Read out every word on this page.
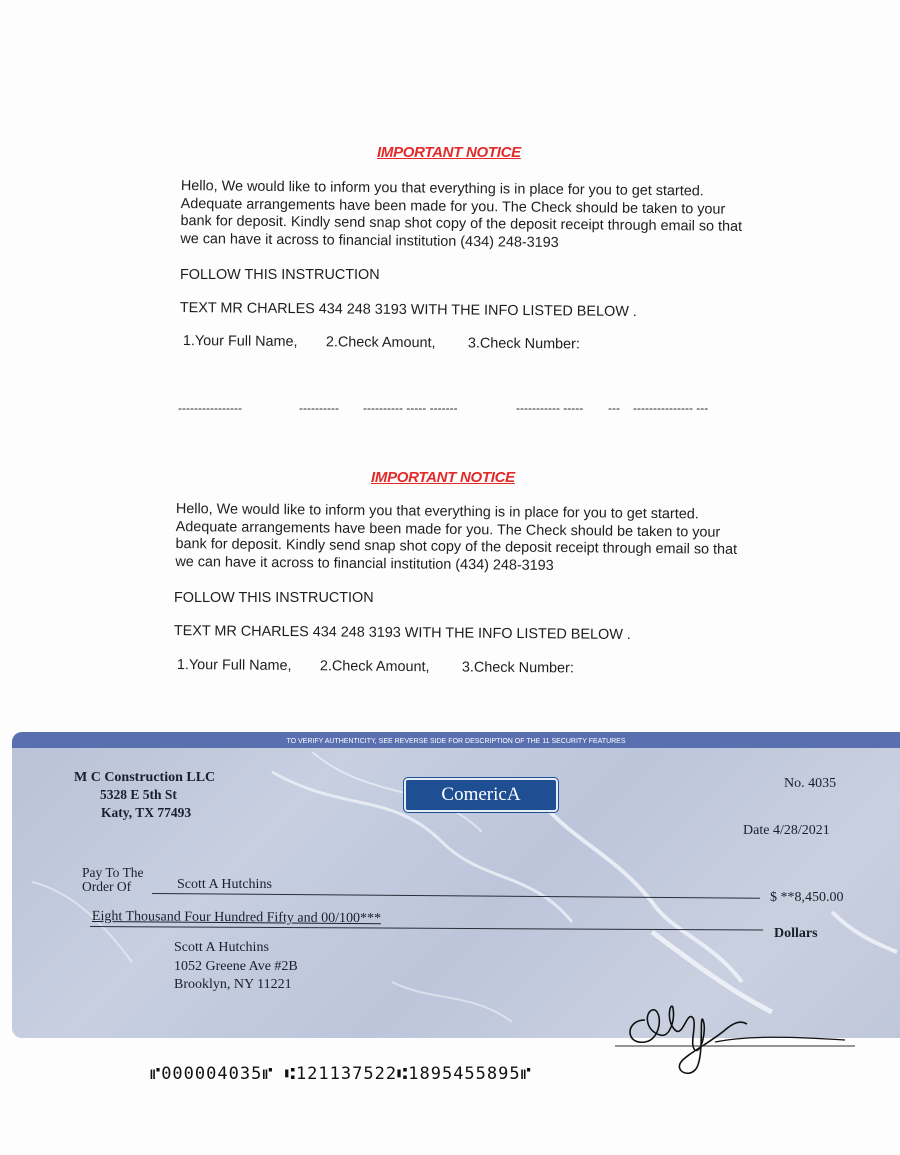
IMPORTANT NOTICE
Hello, We would like to inform you that everything is in place for you to get started. Adequate arrangements have been made for you. The Check should be taken to your bank for deposit. Kindly send snap shot copy of the deposit receipt through email so that we can have it across to financial institution (434) 248-3193
FOLLOW THIS INSTRUCTION
TEXT MR CHARLES 434 248 3193 WITH THE INFO LISTED BELOW .
1.Your Full Name, 2.Check Amount, 3.Check Number:
----------------	---------- ---------- ----- -------	----------- ----- --- --------------- ---
IMPORTANT NOTICE
Hello, We would like to inform you that everything is in place for you to get started. Adequate arrangements have been made for you. The Check should be taken to your bank for deposit. Kindly send snap shot copy of the deposit receipt through email so that we can have it across to financial institution (434) 248-3193
FOLLOW THIS INSTRUCTION
TEXT MR CHARLES 434 248 3193 WITH THE INFO LISTED BELOW .
1.Your Full Name, 2.Check Amount, 3.Check Number:
TO VERIFY AUTHENTICITY, SEE REVERSE SIDE FOR DESCRIPTION OF THE 11 SECURITY FEATURES
M C Construction LLC
5328 E 5th St
Katy, TX 77493
ComericA
No. 4035
Date 4/28/2021
Pay To The
Order Of	Scott A Hutchins
$ **8,450.00
Eight Thousand Four Hundred Fifty and 00/100***
Dollars
Scott A Hutchins
1052 Greene Ave #2B
Brooklyn, NY 11221
⑈000004035⑈ ⑆121137522⑆1895455895⑈
